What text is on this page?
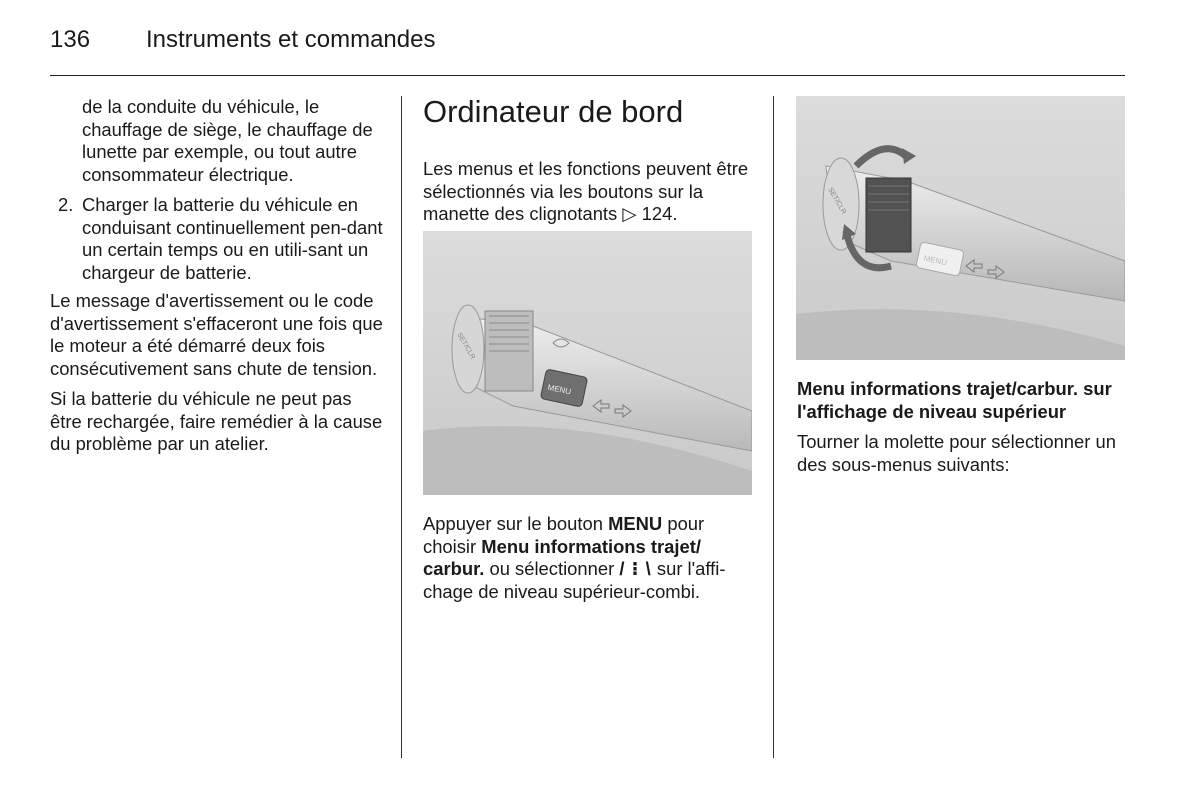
136 Instruments et commandes

de la conduite du véhicule, le chauffage de siège, le chauffage de lunette par exemple, ou tout autre consommateur électrique.

2. Charger la batterie du véhicule en conduisant continuellement pen-dant un certain temps ou en utili-sant un chargeur de batterie.

Le message d'avertissement ou le code d'avertissement s'effaceront une fois que le moteur a été démarré deux fois consécutivement sans chute de tension.

Si la batterie du véhicule ne peut pas être rechargée, faire remédier à la cause du problème par un atelier.

Ordinateur de bord

Les menus et les fonctions peuvent être sélectionnés via les boutons sur la manette des clignotants ▷ 124.

MENU
SET/CLR

Appuyer sur le bouton MENU pour choisir Menu informations trajet/ carbur. ou sélectionner / ⁝ \ sur l'affi-chage de niveau supérieur-combi.

MENU
SET/CLR

Menu informations trajet/carbur. sur l'affichage de niveau supérieur

Tourner la molette pour sélectionner un des sous-menus suivants:
